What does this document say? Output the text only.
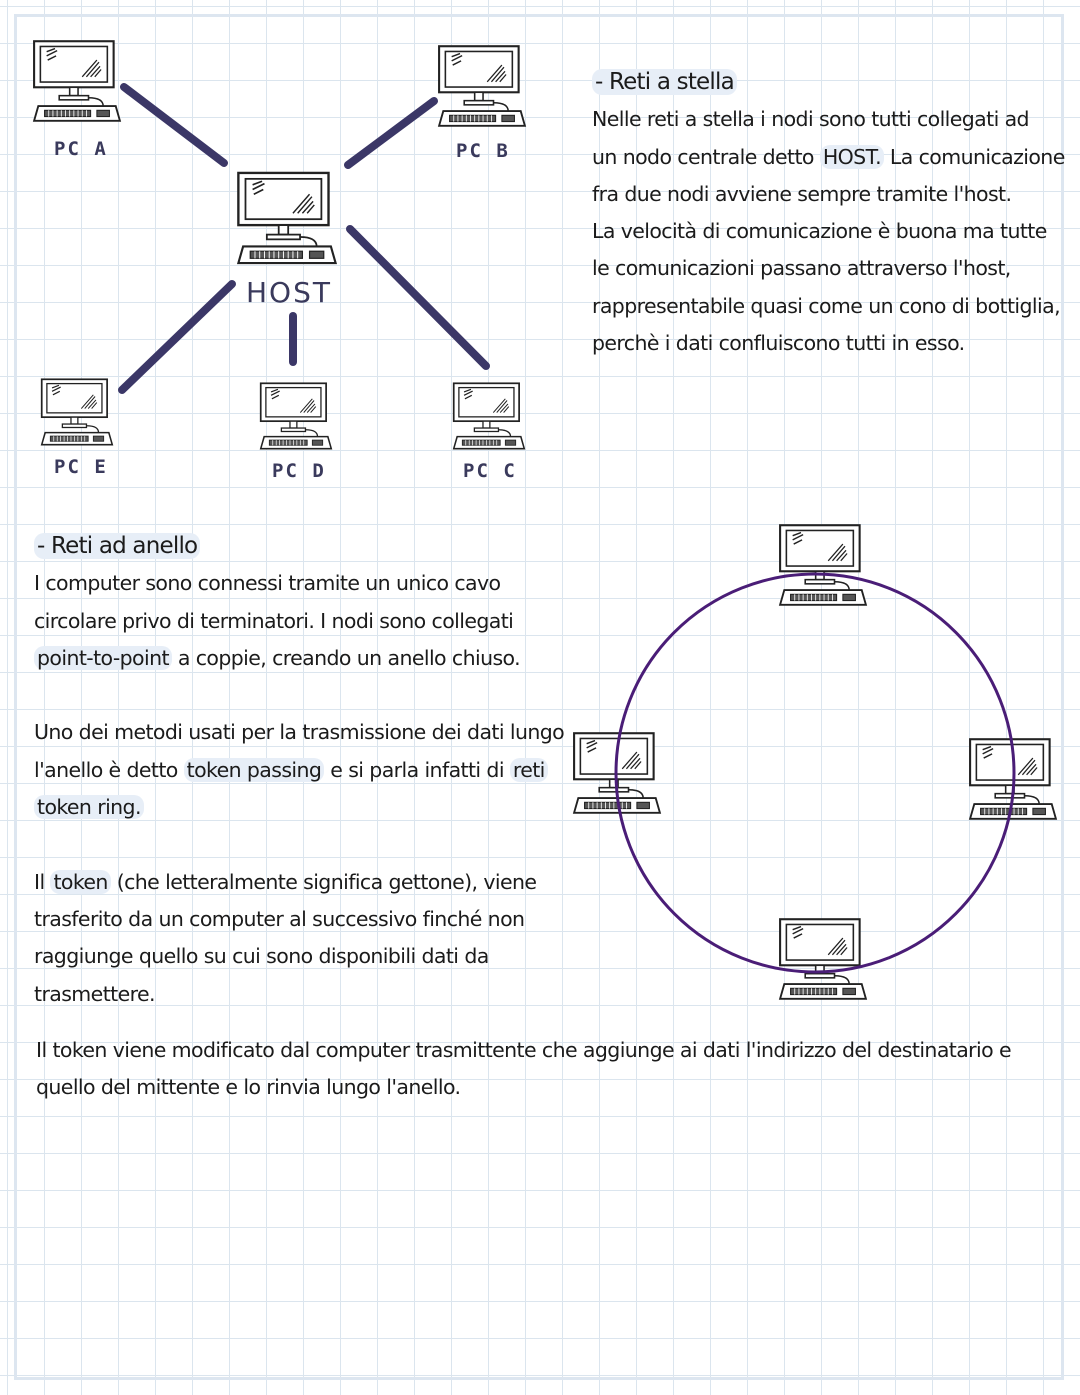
PC A	PC B
HOST
PC E	PC D	PC C

- Reti a stella

Nelle reti a stella i nodi sono tutti collegati ad

un nodo centrale detto HOST. La comunicazione

fra due nodi avviene sempre tramite l'host.

La velocità di comunicazione è buona ma tutte

le comunicazioni passano attraverso l'host,

rappresentabile quasi come un cono di bottiglia,

perchè i dati confluiscono tutti in esso.

- Reti ad anello

I computer sono connessi tramite un unico cavo

circolare privo di terminatori. I nodi sono collegati

point-to-point a coppie, creando un anello chiuso.

Uno dei metodi usati per la trasmissione dei dati lungo

l'anello è detto token passing e si parla infatti di reti

token ring.

Il token (che letteralmente significa gettone), viene

trasferito da un computer al successivo finché non

raggiunge quello su cui sono disponibili dati da

trasmettere.

Il token viene modificato dal computer trasmittente che aggiunge ai dati l'indirizzo del destinatario e

quello del mittente e lo rinvia lungo l'anello.
